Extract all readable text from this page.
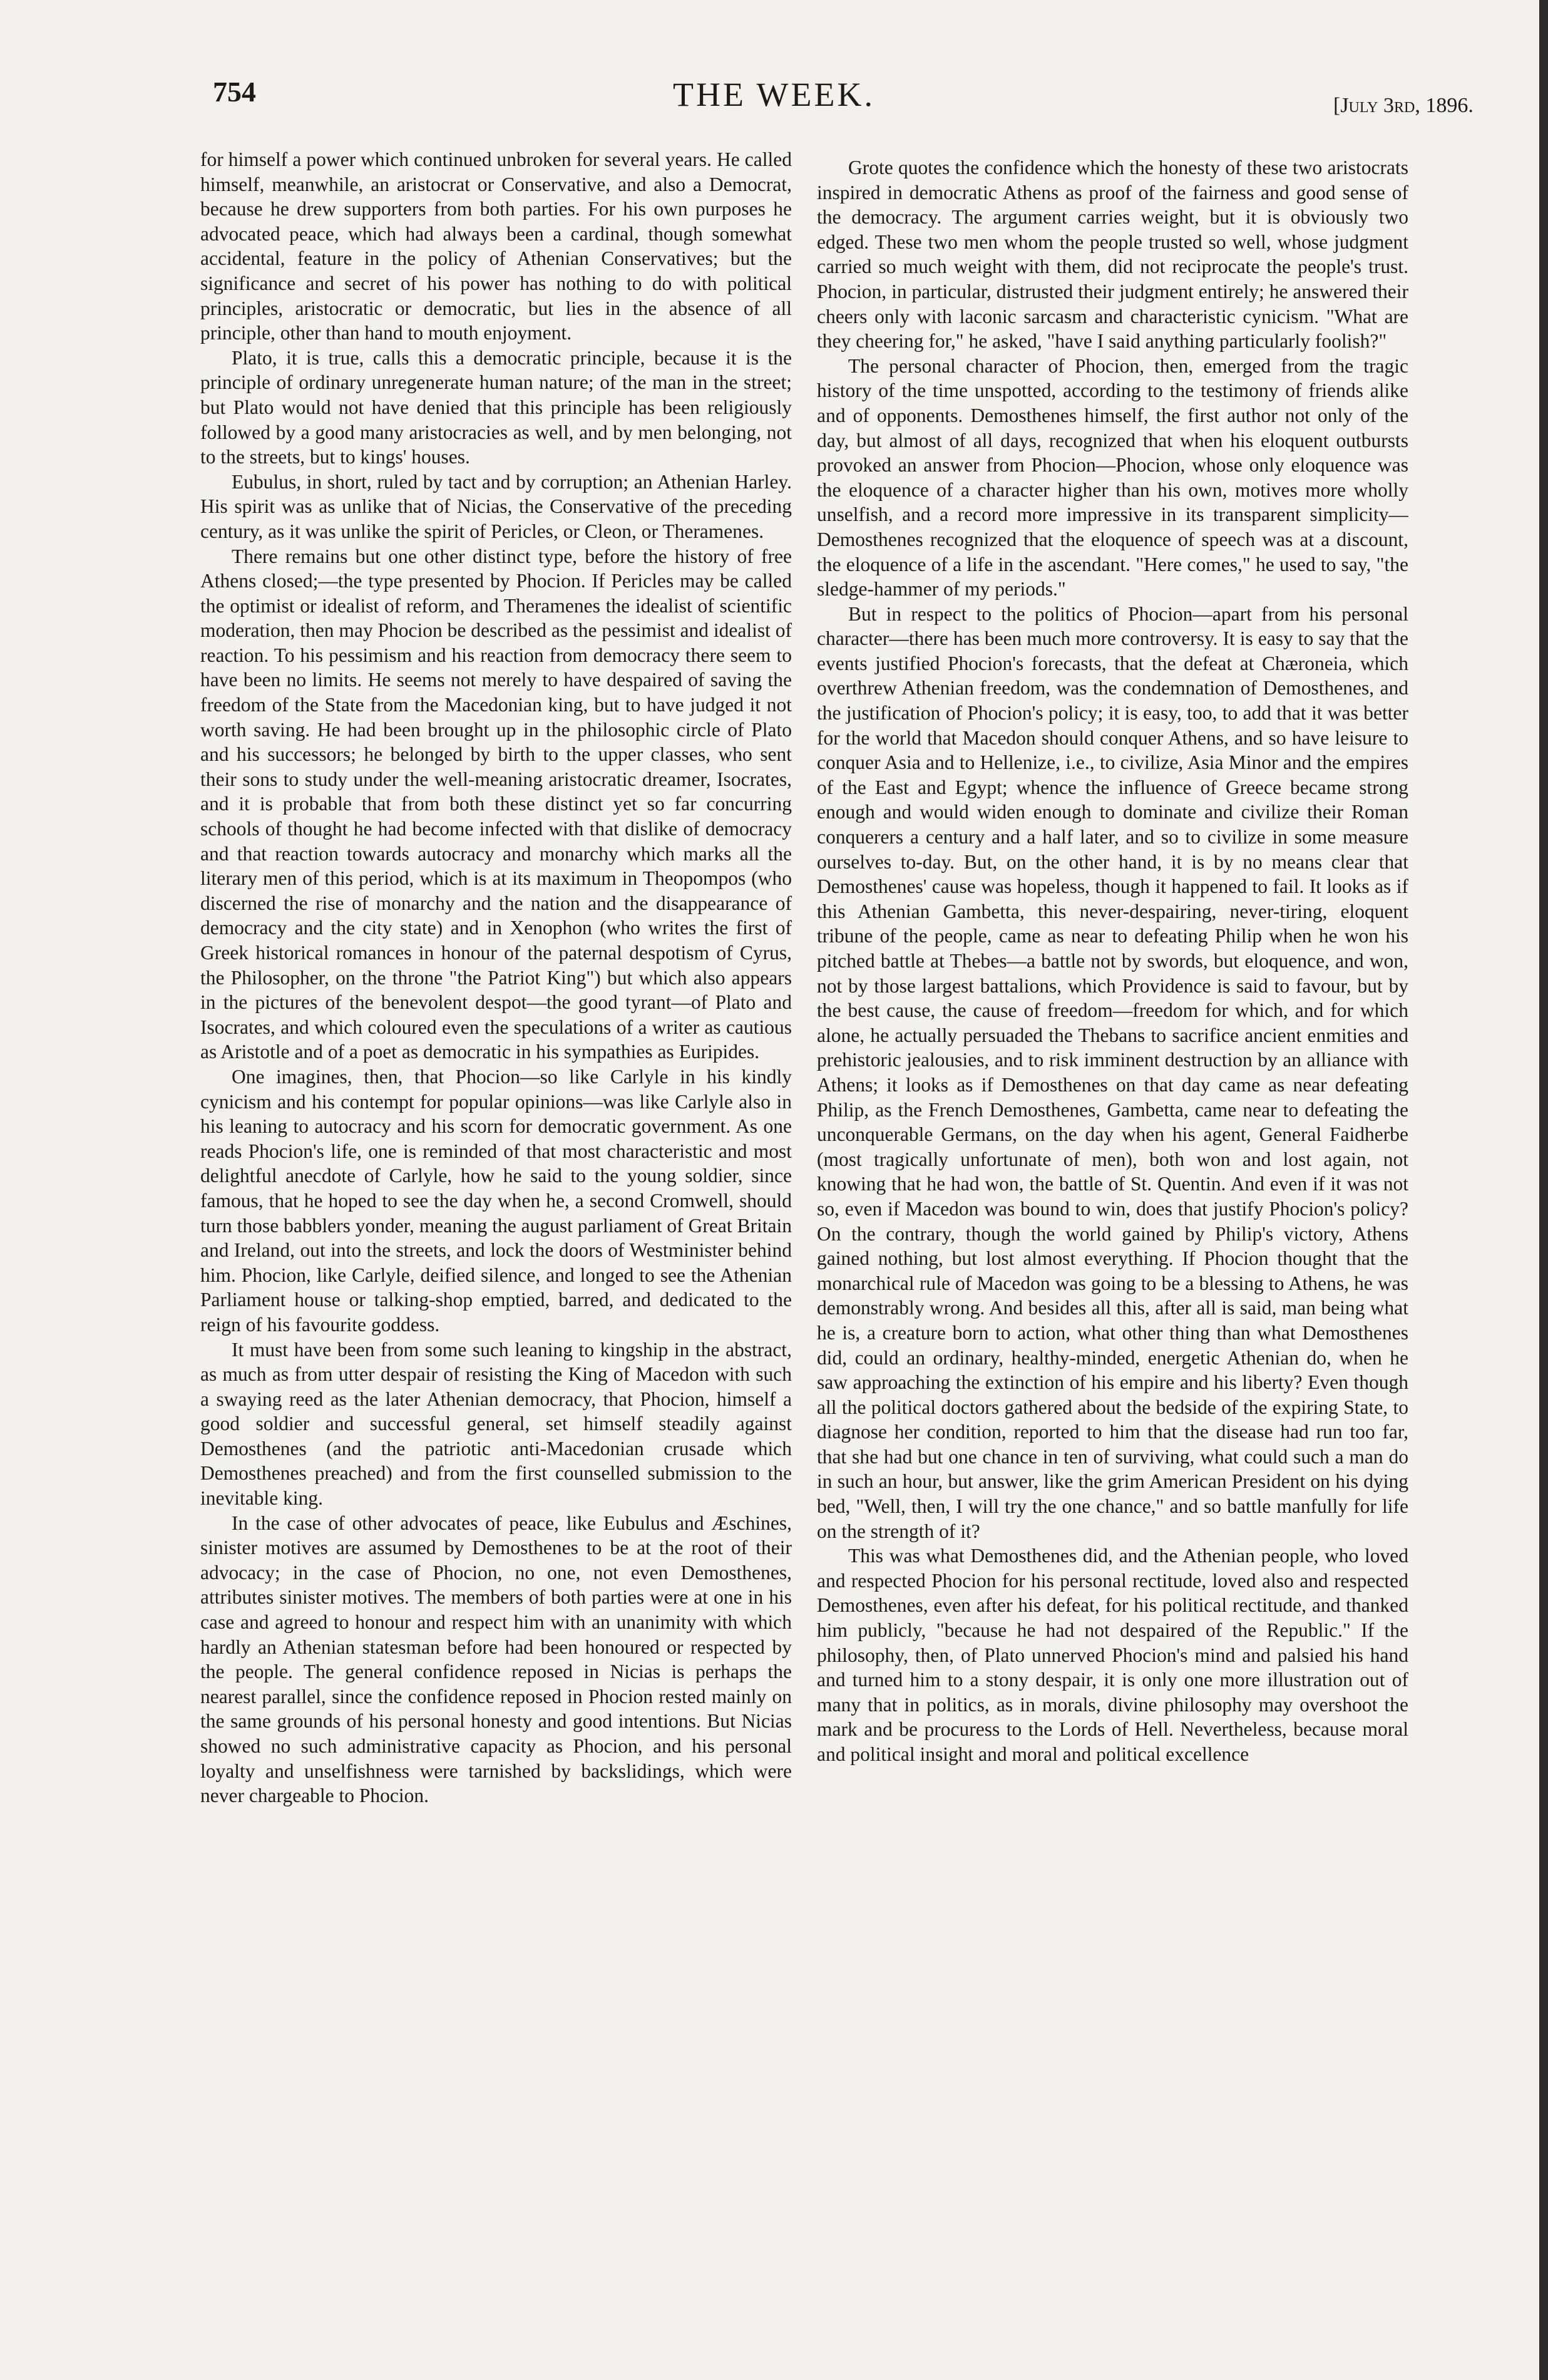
754	THE WEEK.	[July 3rd, 1896.

for himself a power which continued unbroken for several years. He called himself, meanwhile, an aristocrat or Conservative, and also a Democrat, because he drew supporters from both parties. For his own purposes he advocated peace, which had always been a cardinal, though somewhat accidental, feature in the policy of Athenian Conservatives; but the significance and secret of his power has nothing to do with political principles, aristocratic or democratic, but lies in the absence of all principle, other than hand to mouth enjoyment.

Plato, it is true, calls this a democratic principle, because it is the principle of ordinary unregenerate human nature; of the man in the street; but Plato would not have denied that this principle has been religiously followed by a good many aristocracies as well, and by men belonging, not to the streets, but to kings' houses.

Eubulus, in short, ruled by tact and by corruption; an Athenian Harley. His spirit was as unlike that of Nicias, the Conservative of the preceding century, as it was unlike the spirit of Pericles, or Cleon, or Theramenes.

There remains but one other distinct type, before the history of free Athens closed;—the type presented by Phocion. If Pericles may be called the optimist or idealist of reform, and Theramenes the idealist of scientific moderation, then may Phocion be described as the pessimist and idealist of reaction. To his pessimism and his reaction from democracy there seem to have been no limits. He seems not merely to have despaired of saving the freedom of the State from the Macedonian king, but to have judged it not worth saving. He had been brought up in the philosophic circle of Plato and his successors; he belonged by birth to the upper classes, who sent their sons to study under the well-meaning aristocratic dreamer, Isocrates, and it is probable that from both these distinct yet so far concurring schools of thought he had become infected with that dislike of democracy and that reaction towards autocracy and monarchy which marks all the literary men of this period, which is at its maximum in Theopompos (who discerned the rise of monarchy and the nation and the disappearance of democracy and the city state) and in Xenophon (who writes the first of Greek historical romances in honour of the paternal despotism of Cyrus, the Philosopher, on the throne "the Patriot King") but which also appears in the pictures of the benevolent despot—the good tyrant—of Plato and Isocrates, and which coloured even the speculations of a writer as cautious as Aristotle and of a poet as democratic in his sympathies as Euripides.

One imagines, then, that Phocion—so like Carlyle in his kindly cynicism and his contempt for popular opinions—was like Carlyle also in his leaning to autocracy and his scorn for democratic government. As one reads Phocion's life, one is reminded of that most characteristic and most delightful anecdote of Carlyle, how he said to the young soldier, since famous, that he hoped to see the day when he, a second Cromwell, should turn those babblers yonder, meaning the august parliament of Great Britain and Ireland, out into the streets, and lock the doors of Westminister behind him. Phocion, like Carlyle, deified silence, and longed to see the Athenian Parliament house or talking-shop emptied, barred, and dedicated to the reign of his favourite goddess.

It must have been from some such leaning to kingship in the abstract, as much as from utter despair of resisting the King of Macedon with such a swaying reed as the later Athenian democracy, that Phocion, himself a good soldier and successful general, set himself steadily against Demosthenes (and the patriotic anti-Macedonian crusade which Demosthenes preached) and from the first counselled submission to the inevitable king.

In the case of other advocates of peace, like Eubulus and Æschines, sinister motives are assumed by Demosthenes to be at the root of their advocacy; in the case of Phocion, no one, not even Demosthenes, attributes sinister motives. The members of both parties were at one in his case and agreed to honour and respect him with an unanimity with which hardly an Athenian statesman before had been honoured or respected by the people. The general confidence reposed in Nicias is perhaps the nearest parallel, since the confidence reposed in Phocion rested mainly on the same grounds of his personal honesty and good intentions. But Nicias showed no such administrative capacity as Phocion, and his personal loyalty and unselfishness were tarnished by backslidings, which were never chargeable to Phocion.

Grote quotes the confidence which the honesty of these two aristocrats inspired in democratic Athens as proof of the fairness and good sense of the democracy. The argument carries weight, but it is obviously two edged. These two men whom the people trusted so well, whose judgment carried so much weight with them, did not reciprocate the people's trust. Phocion, in particular, distrusted their judgment entirely; he answered their cheers only with laconic sarcasm and characteristic cynicism. "What are they cheering for," he asked, "have I said anything particularly foolish?"

The personal character of Phocion, then, emerged from the tragic history of the time unspotted, according to the testimony of friends alike and of opponents. Demosthenes himself, the first author not only of the day, but almost of all days, recognized that when his eloquent outbursts provoked an answer from Phocion—Phocion, whose only eloquence was the eloquence of a character higher than his own, motives more wholly unselfish, and a record more impressive in its transparent simplicity—Demosthenes recognized that the eloquence of speech was at a discount, the eloquence of a life in the ascendant. "Here comes," he used to say, "the sledge-hammer of my periods."

But in respect to the politics of Phocion—apart from his personal character—there has been much more controversy. It is easy to say that the events justified Phocion's forecasts, that the defeat at Chæroneia, which overthrew Athenian freedom, was the condemnation of Demosthenes, and the justification of Phocion's policy; it is easy, too, to add that it was better for the world that Macedon should conquer Athens, and so have leisure to conquer Asia and to Hellenize, i.e., to civilize, Asia Minor and the empires of the East and Egypt; whence the influence of Greece became strong enough and would widen enough to dominate and civilize their Roman conquerers a century and a half later, and so to civilize in some measure ourselves to-day. But, on the other hand, it is by no means clear that Demosthenes' cause was hopeless, though it happened to fail. It looks as if this Athenian Gambetta, this never-despairing, never-tiring, eloquent tribune of the people, came as near to defeating Philip when he won his pitched battle at Thebes—a battle not by swords, but eloquence, and won, not by those largest battalions, which Providence is said to favour, but by the best cause, the cause of freedom—freedom for which, and for which alone, he actually persuaded the Thebans to sacrifice ancient enmities and prehistoric jealousies, and to risk imminent destruction by an alliance with Athens; it looks as if Demosthenes on that day came as near defeating Philip, as the French Demosthenes, Gambetta, came near to defeating the unconquerable Germans, on the day when his agent, General Faidherbe (most tragically unfortunate of men), both won and lost again, not knowing that he had won, the battle of St. Quentin. And even if it was not so, even if Macedon was bound to win, does that justify Phocion's policy? On the contrary, though the world gained by Philip's victory, Athens gained nothing, but lost almost everything. If Phocion thought that the monarchical rule of Macedon was going to be a blessing to Athens, he was demonstrably wrong. And besides all this, after all is said, man being what he is, a creature born to action, what other thing than what Demosthenes did, could an ordinary, healthy-minded, energetic Athenian do, when he saw approaching the extinction of his empire and his liberty? Even though all the political doctors gathered about the bedside of the expiring State, to diagnose her condition, reported to him that the disease had run too far, that she had but one chance in ten of surviving, what could such a man do in such an hour, but answer, like the grim American President on his dying bed, "Well, then, I will try the one chance," and so battle manfully for life on the strength of it?

This was what Demosthenes did, and the Athenian people, who loved and respected Phocion for his personal rectitude, loved also and respected Demosthenes, even after his defeat, for his political rectitude, and thanked him publicly, "because he had not despaired of the Republic." If the philosophy, then, of Plato unnerved Phocion's mind and palsied his hand and turned him to a stony despair, it is only one more illustration out of many that in politics, as in morals, divine philosophy may overshoot the mark and be procuress to the Lords of Hell. Nevertheless, because moral and political insight and moral and political excellence
